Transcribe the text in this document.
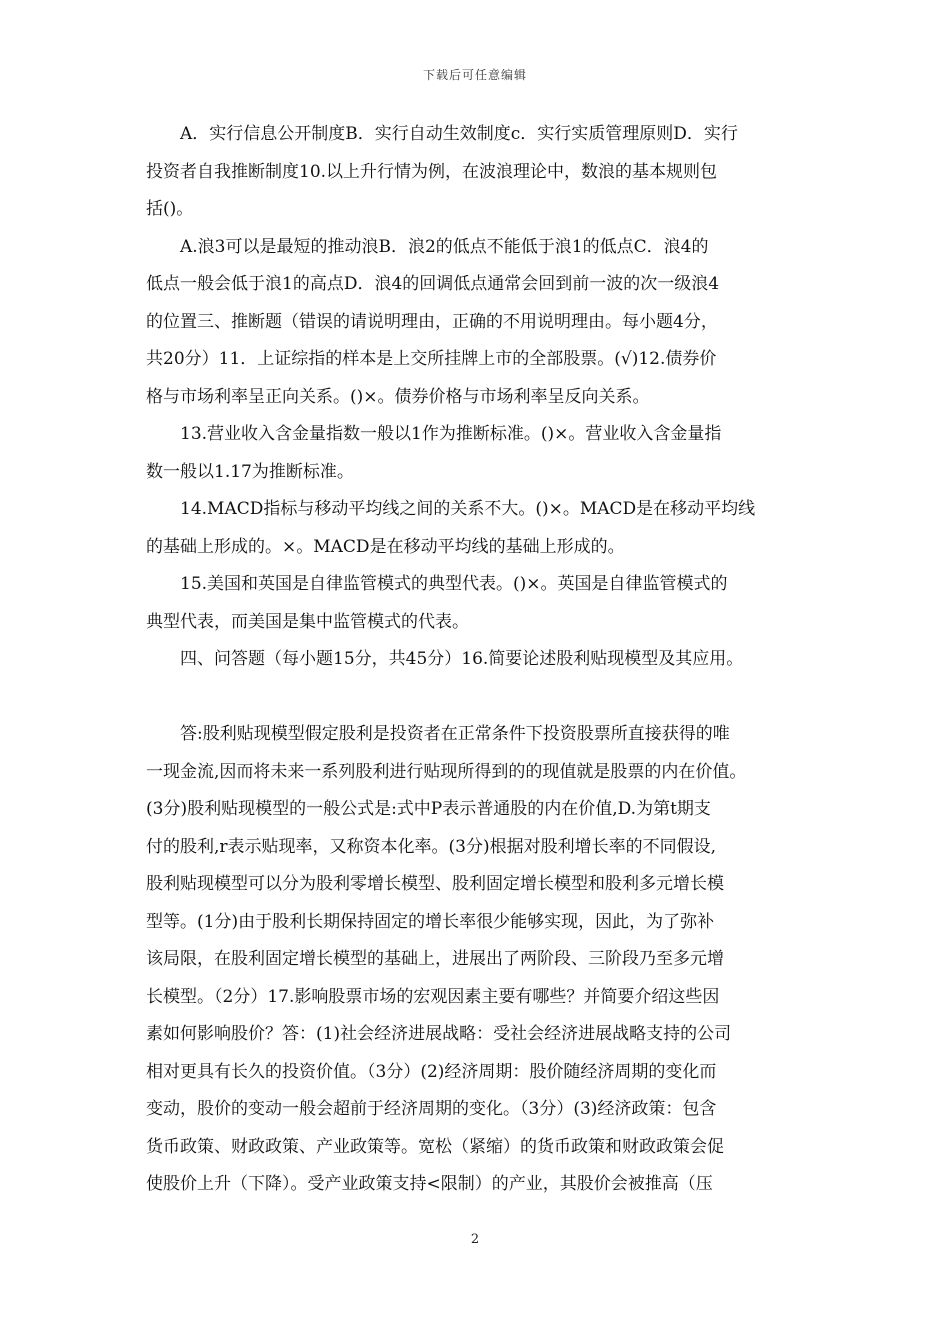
下载后可任意编辑
A．实行信息公开制度B．实行自动生效制度c．实行实质管理原则D．实行
投资者自我推断制度10.以上升行情为例，在波浪理论中，数浪的基本规则包
括()。
A.浪3可以是最短的推动浪B．浪2的低点不能低于浪1的低点C．浪4的
低点一般会低于浪1的高点D．浪4的回调低点通常会回到前一波的次一级浪4
的位置三、推断题（错误的请说明理由，正确的不用说明理由。每小题4分，
共20分）11．上证综指的样本是上交所挂牌上市的全部股票。(√)12.债券价
格与市场利率呈正向关系。()×。债券价格与市场利率呈反向关系。
13.营业收入含金量指数一般以1作为推断标准。()×。营业收入含金量指
数一般以1.17为推断标准。
14.MACD指标与移动平均线之间的关系不大。()×。MACD是在移动平均线
的基础上形成的。×。MACD是在移动平均线的基础上形成的。
15.美国和英国是自律监管模式的典型代表。()×。英国是自律监管模式的
典型代表，而美国是集中监管模式的代表。
四、问答题（每小题15分，共45分）16.简要论述股利贴现模型及其应用。

答:股利贴现模型假定股利是投资者在正常条件下投资股票所直接获得的唯
一现金流,因而将未来一系列股利进行贴现所得到的的现值就是股票的内在价值。
(3分)股利贴现模型的一般公式是:式中P表示普通股的内在价值,D.为第t期支
付的股利,r表示贴现率，又称资本化率。(3分)根据对股利增长率的不同假设,
股利贴现模型可以分为股利零增长模型、股利固定增长模型和股利多元增长模
型等。(1分)由于股利长期保持固定的增长率很少能够实现，因此，为了弥补
该局限，在股利固定增长模型的基础上，进展出了两阶段、三阶段乃至多元增
长模型。（2分）17.影响股票市场的宏观因素主要有哪些？并简要介绍这些因
素如何影响股价？答：(1)社会经济进展战略：受社会经济进展战略支持的公司
相对更具有长久的投资价值。（3分）(2)经济周期：股价随经济周期的变化而
变动，股价的变动一般会超前于经济周期的变化。（3分）(3)经济政策：包含
货币政策、财政政策、产业政策等。宽松（紧缩）的货币政策和财政政策会促
使股价上升（下降）。受产业政策支持<限制）的产业，其股价会被推高（压
2
